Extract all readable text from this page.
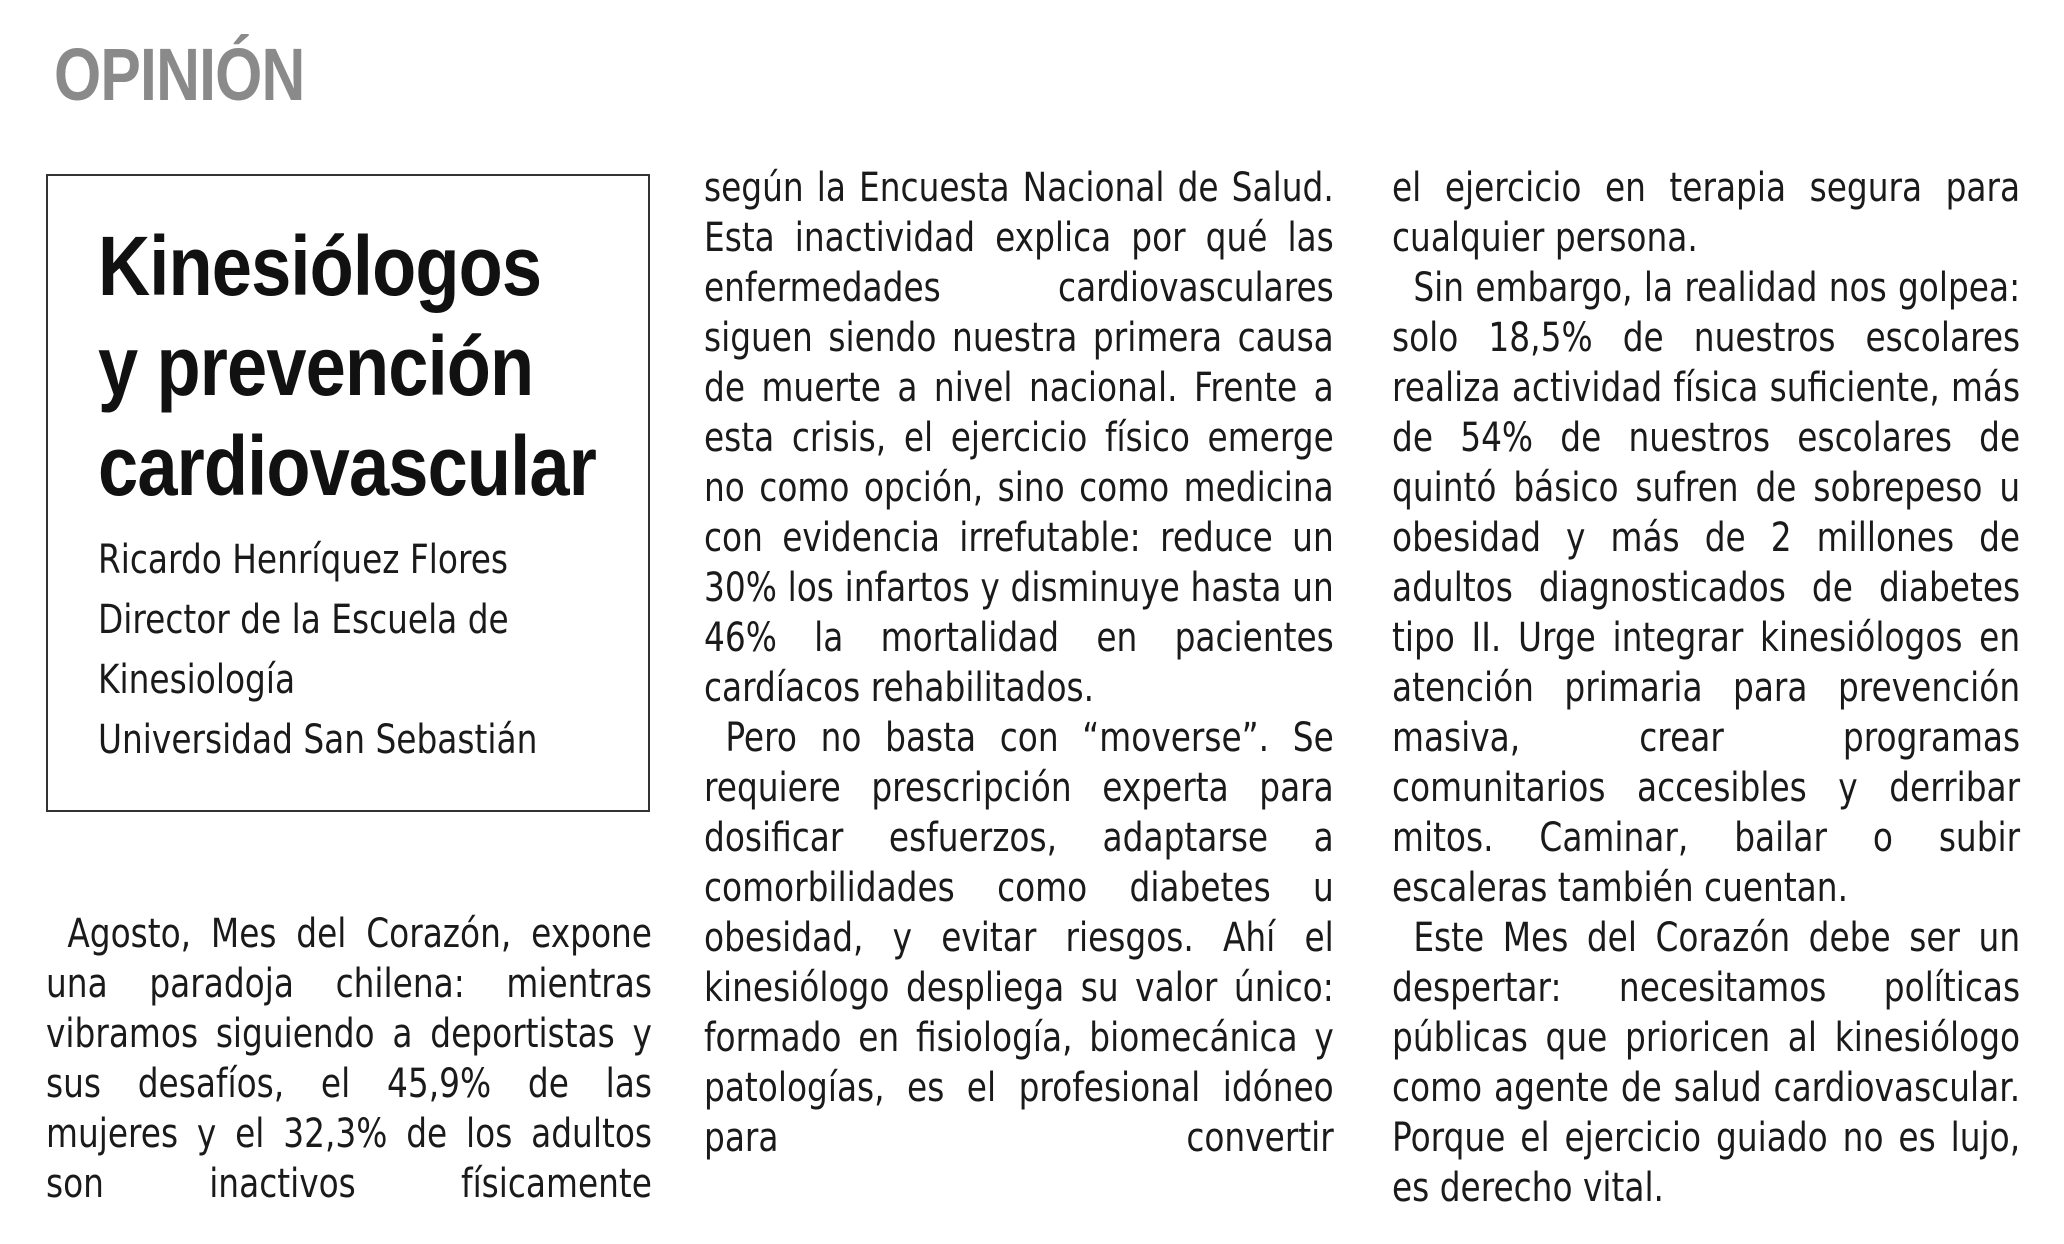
OPINIÓN
Kinesiólogos
y prevención
cardiovascular
Ricardo Henríquez Flores
Director de la Escuela de
Kinesiología
Universidad San Sebastián

Agosto, Mes del Corazón, expone una paradoja chilena: mientras vibramos siguiendo a deportistas y sus desafíos, el 45,9% de las mujeres y el 32,3% de los adultos son inactivos físicamente

según la Encuesta Nacional de Salud. Esta inactividad explica por qué las enfermedades cardiovasculares siguen siendo nuestra primera causa de muerte a nivel nacional. Frente a esta crisis, el ejercicio físico emerge no como opción, sino como medicina con evidencia irrefutable: reduce un 30% los infartos y disminuye hasta un 46% la mortalidad en pacientes cardíacos rehabilitados.

Pero no basta con “moverse”. Se requiere prescripción experta para dosificar esfuerzos, adaptarse a comorbilidades como diabetes u obesidad, y evitar riesgos. Ahí el kinesiólogo despliega su valor único: formado en fisiología, biomecánica y patologías, es el profesional idóneo para convertir

el ejercicio en terapia segura para cualquier persona.

Sin embargo, la realidad nos golpea: solo 18,5% de nuestros escolares realiza actividad física suficiente, más de 54% de nuestros escolares de quintó básico sufren de sobrepeso u obesidad y más de 2 millones de adultos diagnosticados de diabetes tipo II. Urge integrar kinesiólogos en atención primaria para prevención masiva, crear programas comunitarios accesibles y derribar mitos. Caminar, bailar o subir escaleras también cuentan.

Este Mes del Corazón debe ser un despertar: necesitamos políticas públicas que prioricen al kinesiólogo como agente de salud cardiovascular. Porque el ejercicio guiado no es lujo, es derecho vital.
